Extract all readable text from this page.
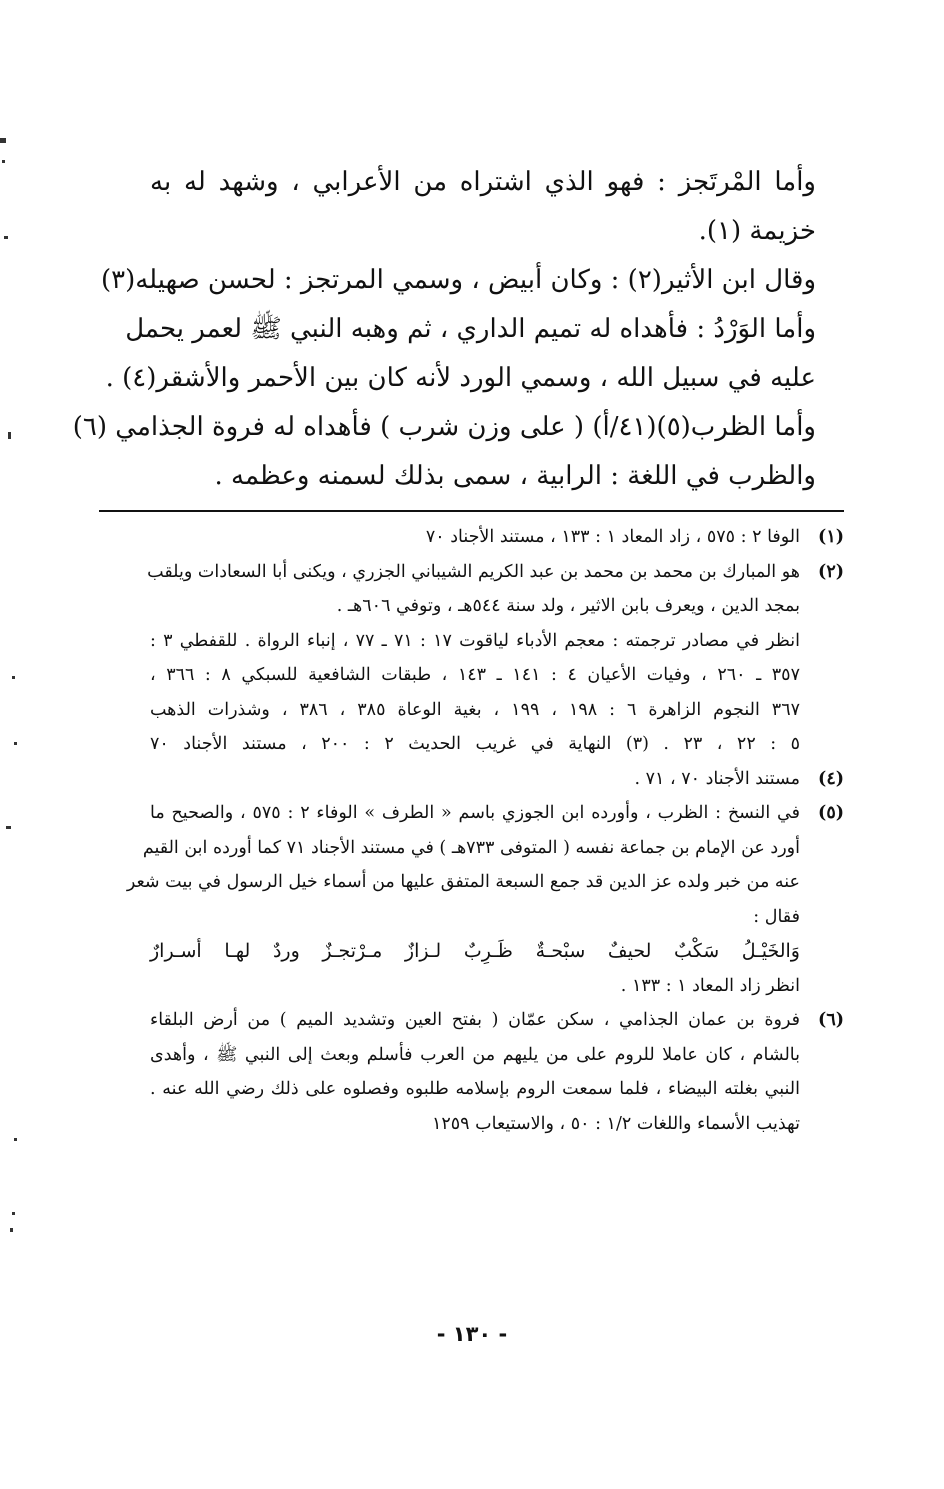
وأما المْرتَجز : فهو الذي اشتراه من الأعرابي ، وشهد له به
خزيمة (١).
وقال ابن الأثير(٢) : وكان أبيض ، وسمي المرتجز : لحسن صهيله(٣)
وأما الوَرْدُ : فأهداه له تميم الداري ، ثم وهبه النبي ﷺ لعمر يحمل
عليه في سبيل الله ، وسمي الورد لأنه كان بين الأحمر والأشقر(٤) .
وأما الظرب(٥)(٤١/أ) ( على وزن شرب ) فأهداه له فروة الجذامي (٦)
والظرب في اللغة : الرابية ، سمى بذلك لسمنه وعظمه .
(١)
الوفا ٢ : ٥٧٥ ، زاد المعاد ١ : ١٣٣ ، مستند الأجناد ٧٠
(٢)
هو المبارك بن محمد بن محمد بن عبد الكريم الشيباني الجزري ، ويكنى أبا السعادات ويلقب
بمجد الدين ، ويعرف بابن الاثير ، ولد سنة ٥٤٤هـ ، وتوفي ٦٠٦هـ .
انظر في مصادر ترجمته : معجم الأدباء لياقوت ١٧ : ٧١ ـ ٧٧ ، إنباء الرواة . للقفطي ٣ :
٣٥٧ ـ ٢٦٠ ، وفيات الأعيان ٤ : ١٤١ ـ ١٤٣ ، طبقات الشافعية للسبكي ٨ : ٣٦٦ ،
٣٦٧ النجوم الزاهرة ٦ : ١٩٨ ، ١٩٩ ، بغية الوعاة ٣٨٥ ، ٣٨٦ ، وشذرات الذهب
٥ : ٢٢ ، ٢٣ . (٣) النهاية في غريب الحديث ٢ : ٢٠٠ ، مستند الأجناد ٧٠
(٤)
مستند الأجناد ٧٠ ، ٧١ .
(٥)
في النسخ : الظرب ، وأورده ابن الجوزي باسم « الطرف » الوفاء ٢ : ٥٧٥ ، والصحيح ما
أورد عن الإمام بن جماعة نفسه ( المتوفى ٧٣٣هـ ) في مستند الأجناد ٧١ كما أورده ابن القيم
عنه من خبر ولده عز الدين قد جمع السبعة المتفق عليها من أسماء خيل الرسول في بيت شعر
فقال :
وَالخَيْـلُ سَكْبٌ لحيفٌ سبْحـةٌ ظَـرِبٌ لـزازٌ مـرْتجـزٌ وردٌ لهـا أسـرارٌ
انظر زاد المعاد ١ : ١٣٣ .
(٦)
فروة بن عمان الجذامي ، سكن عمّان ( بفتح العين وتشديد الميم ) من أرض البلقاء
بالشام ، كان عاملا للروم على من يليهم من العرب فأسلم وبعث إلى النبي ﷺ ، وأهدى
النبي بغلته البيضاء ، فلما سمعت الروم بإسلامه طلبوه وفصلوه على ذلك رضي الله عنه .
تهذيب الأسماء واللغات ١/٢ : ٥٠ ، والاستيعاب ١٢٥٩
- ١٣٠ -
